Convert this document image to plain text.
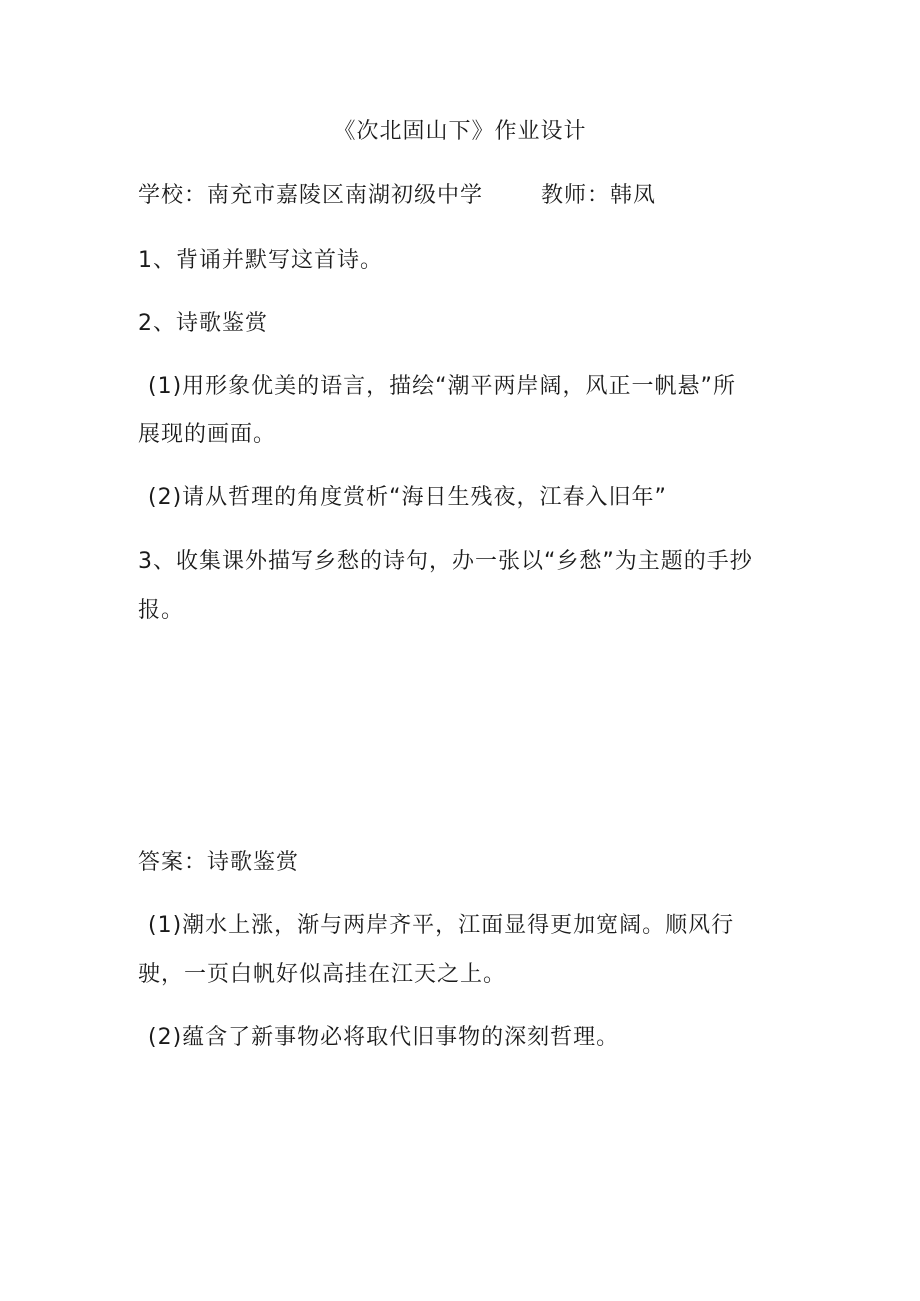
《次北固山下》作业设计
学校：南充市嘉陵区南湖初级中学	教师：韩凤
1、背诵并默写这首诗。
2、诗歌鉴赏
(1)用形象优美的语言，描绘“潮平两岸阔，风正一帆悬”所
展现的画面。
(2)请从哲理的角度赏析“海日生残夜，江春入旧年”
3、收集课外描写乡愁的诗句，办一张以“乡愁”为主题的手抄
报。
答案：诗歌鉴赏
(1)潮水上涨，渐与两岸齐平，江面显得更加宽阔。顺风行
驶，一页白帆好似高挂在江天之上。
(2)蕴含了新事物必将取代旧事物的深刻哲理。
